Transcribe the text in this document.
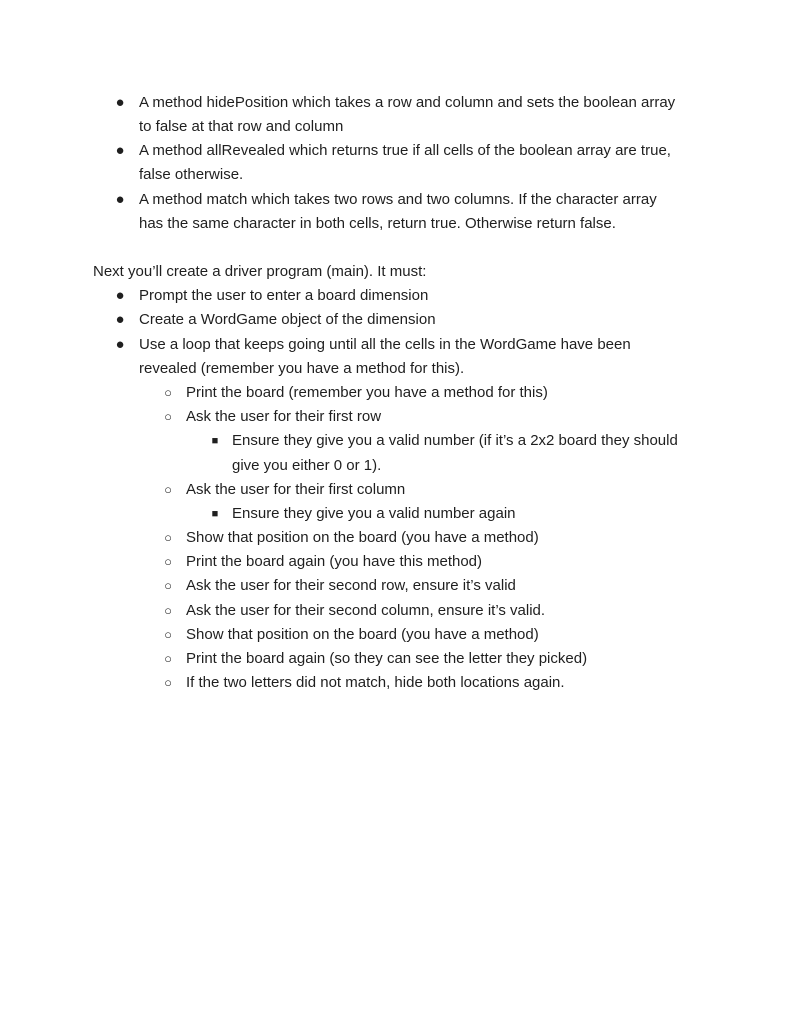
● A method hidePosition which takes a row and column and sets the boolean array
to false at that row and column
● A method allRevealed which returns true if all cells of the boolean array are true,
false otherwise.
● A method match which takes two rows and two columns. If the character array
has the same character in both cells, return true. Otherwise return false.
Next you’ll create a driver program (main). It must:
● Prompt the user to enter a board dimension
● Create a WordGame object of the dimension
● Use a loop that keeps going until all the cells in the WordGame have been
revealed (remember you have a method for this).
○ Print the board (remember you have a method for this)
○ Ask the user for their first row
■ Ensure they give you a valid number (if it’s a 2x2 board they should
give you either 0 or 1).
○ Ask the user for their first column
■ Ensure they give you a valid number again
○ Show that position on the board (you have a method)
○ Print the board again (you have this method)
○ Ask the user for their second row, ensure it’s valid
○ Ask the user for their second column, ensure it’s valid.
○ Show that position on the board (you have a method)
○ Print the board again (so they can see the letter they picked)
○ If the two letters did not match, hide both locations again.
